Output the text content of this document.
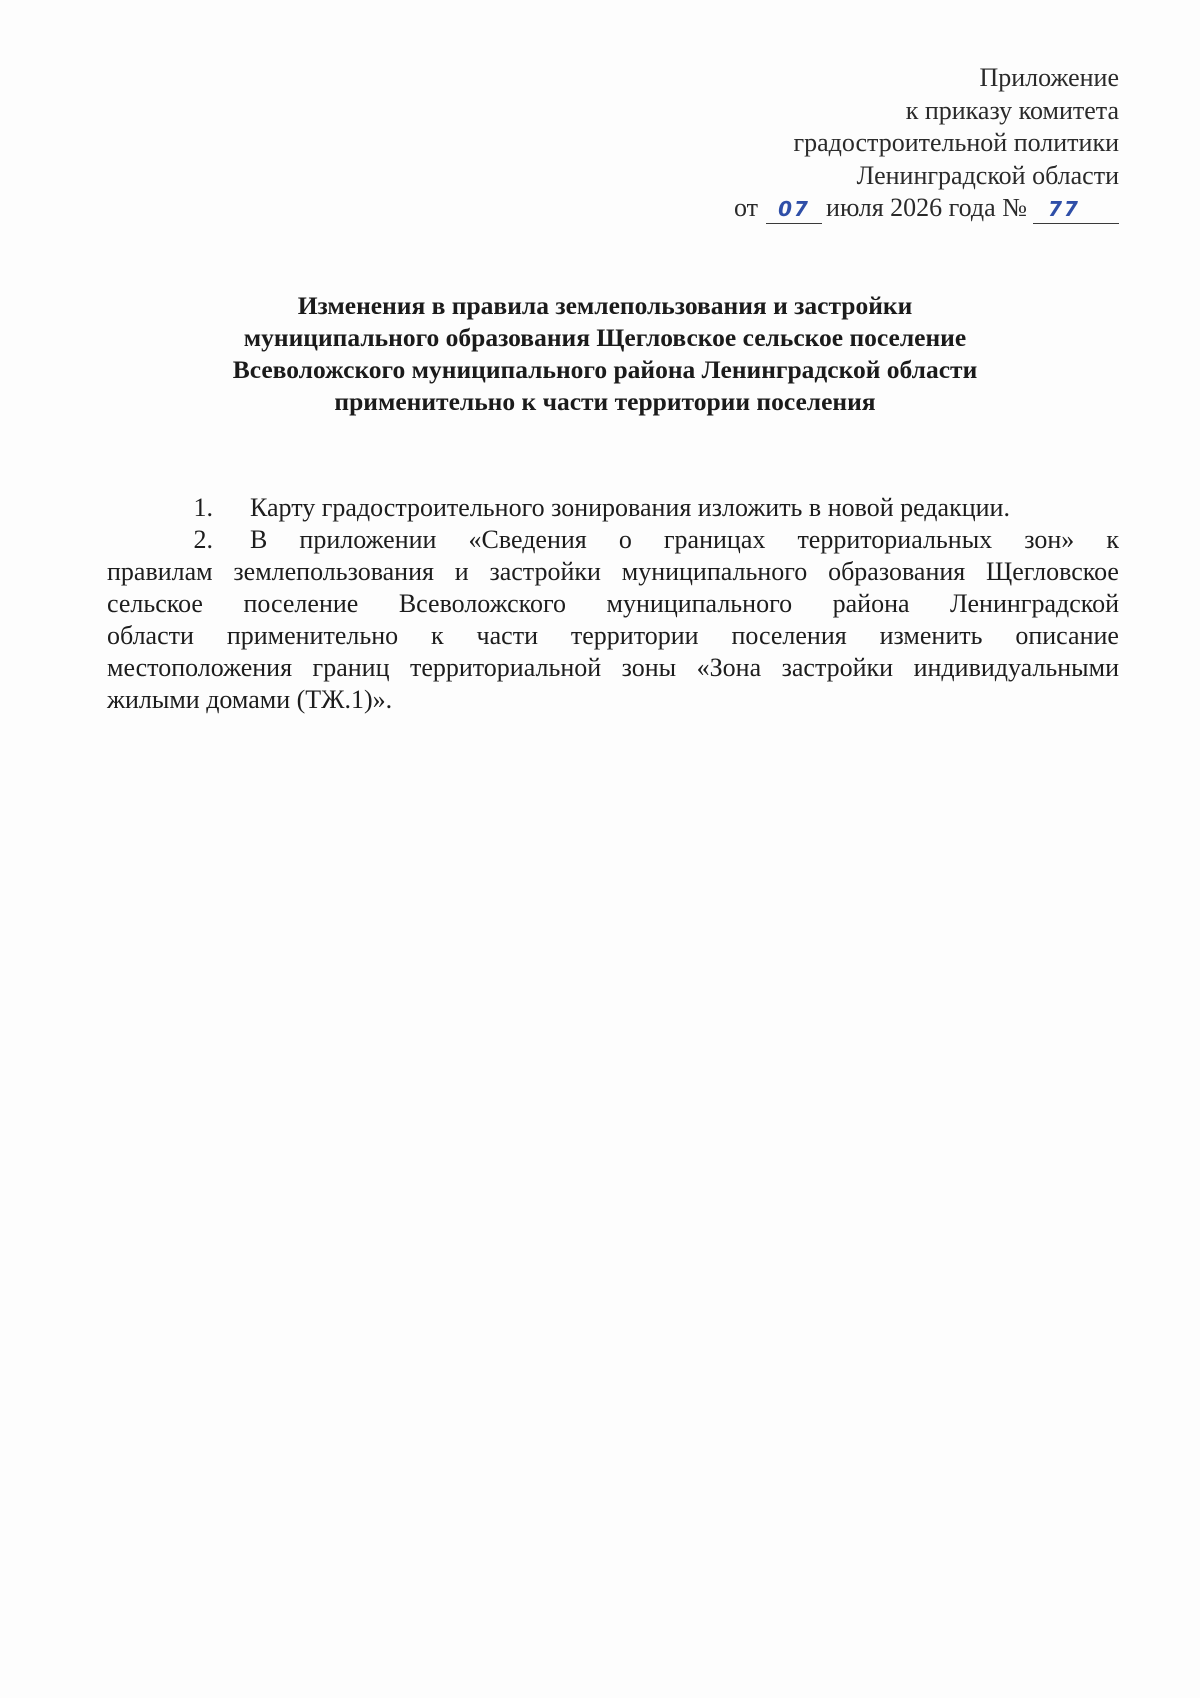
Приложение
к приказу комитета
градостроительной политики
Ленинградской области
от	07 июля 2026 года №	77
Изменения в правила землепользования и застройки
муниципального образования Щегловское сельское поселение
Всеволожского муниципального района Ленинградской области
применительно к части территории поселения
1.	Карту градостроительного зонирования изложить в новой редакции.
2.	В приложении «Сведения о границах территориальных зон» к
правилам землепользования и застройки муниципального образования Щегловское
сельское поселение Всеволожского муниципального района Ленинградской
области применительно к части территории поселения изменить описание
местоположения границ территориальной зоны «Зона застройки индивидуальными
жилыми домами (ТЖ.1)».
